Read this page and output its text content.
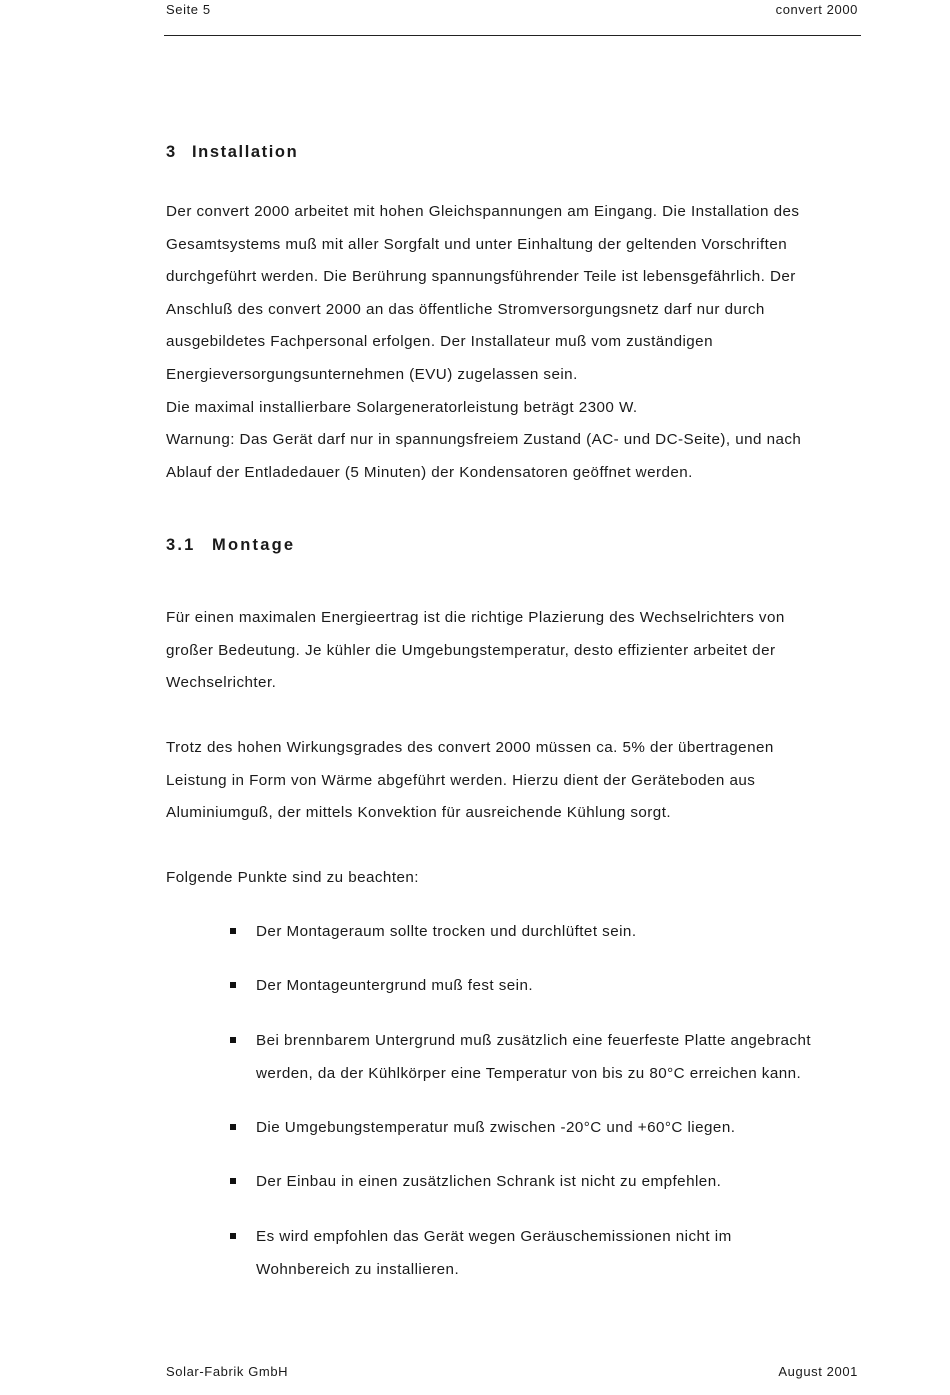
Seite 5	convert 2000
3 Installation

Der convert 2000 arbeitet mit hohen Gleichspannungen am Eingang. Die Installation des
Gesamtsystems muß mit aller Sorgfalt und unter Einhaltung der geltenden Vorschriften
durchgeführt werden. Die Berührung spannungsführender Teile ist lebensgefährlich. Der
Anschluß des convert 2000 an das öffentliche Stromversorgungsnetz darf nur durch
ausgebildetes Fachpersonal erfolgen. Der Installateur muß vom zuständigen
Energieversorgungsunternehmen (EVU) zugelassen sein.
Die maximal installierbare Solargeneratorleistung beträgt 2300 W.
Warnung: Das Gerät darf nur in spannungsfreiem Zustand (AC- und DC-Seite), und nach
Ablauf der Entladedauer (5 Minuten) der Kondensatoren geöffnet werden.

3.1 Montage

Für einen maximalen Energieertrag ist die richtige Plazierung des Wechselrichters von
großer Bedeutung. Je kühler die Umgebungstemperatur, desto effizienter arbeitet der
Wechselrichter.

Trotz des hohen Wirkungsgrades des convert 2000 müssen ca. 5% der übertragenen
Leistung in Form von Wärme abgeführt werden. Hierzu dient der Geräteboden aus
Aluminiumguß, der mittels Konvektion für ausreichende Kühlung sorgt.

Folgende Punkte sind zu beachten:

Der Montageraum sollte trocken und durchlüftet sein.
Der Montageuntergrund muß fest sein.
Bei brennbarem Untergrund muß zusätzlich eine feuerfeste Platte angebracht
werden, da der Kühlkörper eine Temperatur von bis zu 80°C erreichen kann.
Die Umgebungstemperatur muß zwischen -20°C und +60°C liegen.
Der Einbau in einen zusätzlichen Schrank ist nicht zu empfehlen.
Es wird empfohlen das Gerät wegen Geräuschemissionen nicht im
Wohnbereich zu installieren.
Solar-Fabrik GmbH	August 2001
